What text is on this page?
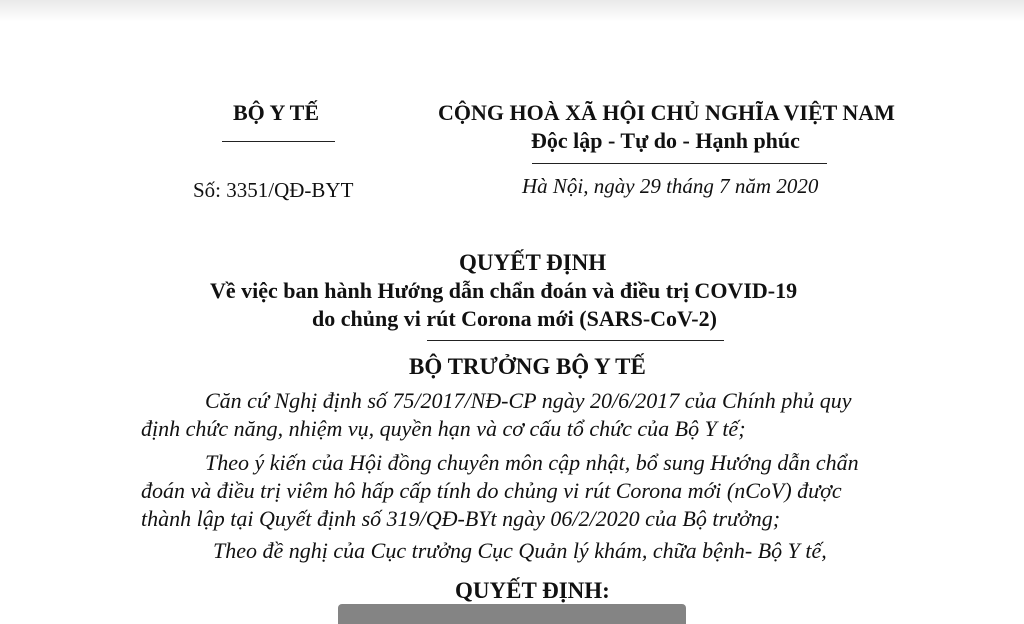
BỘ Y TẾ
Số: 3351/QĐ-BYT
CỘNG HOÀ XÃ HỘI CHỦ NGHĨA VIỆT NAM
Độc lập - Tự do - Hạnh phúc
Hà Nội, ngày 29 tháng 7 năm 2020
QUYẾT ĐỊNH
Về việc ban hành Hướng dẫn chẩn đoán và điều trị COVID-19
do chủng vi rút Corona mới (SARS-CoV-2)
BỘ TRƯỞNG BỘ Y TẾ
Căn cứ Nghị định số 75/2017/NĐ-CP ngày 20/6/2017 của Chính phủ quy
định chức năng, nhiệm vụ, quyền hạn và cơ cấu tổ chức của Bộ Y tế;
Theo ý kiến của Hội đồng chuyên môn cập nhật, bổ sung Hướng dẫn chẩn
đoán và điều trị viêm hô hấp cấp tính do chủng vi rút Corona mới (nCoV) được
thành lập tại Quyết định số 319/QĐ-BYt ngày 06/2/2020 của Bộ trưởng;
Theo đề nghị của Cục trưởng Cục Quản lý khám, chữa bệnh- Bộ Y tế,
QUYẾT ĐỊNH:
